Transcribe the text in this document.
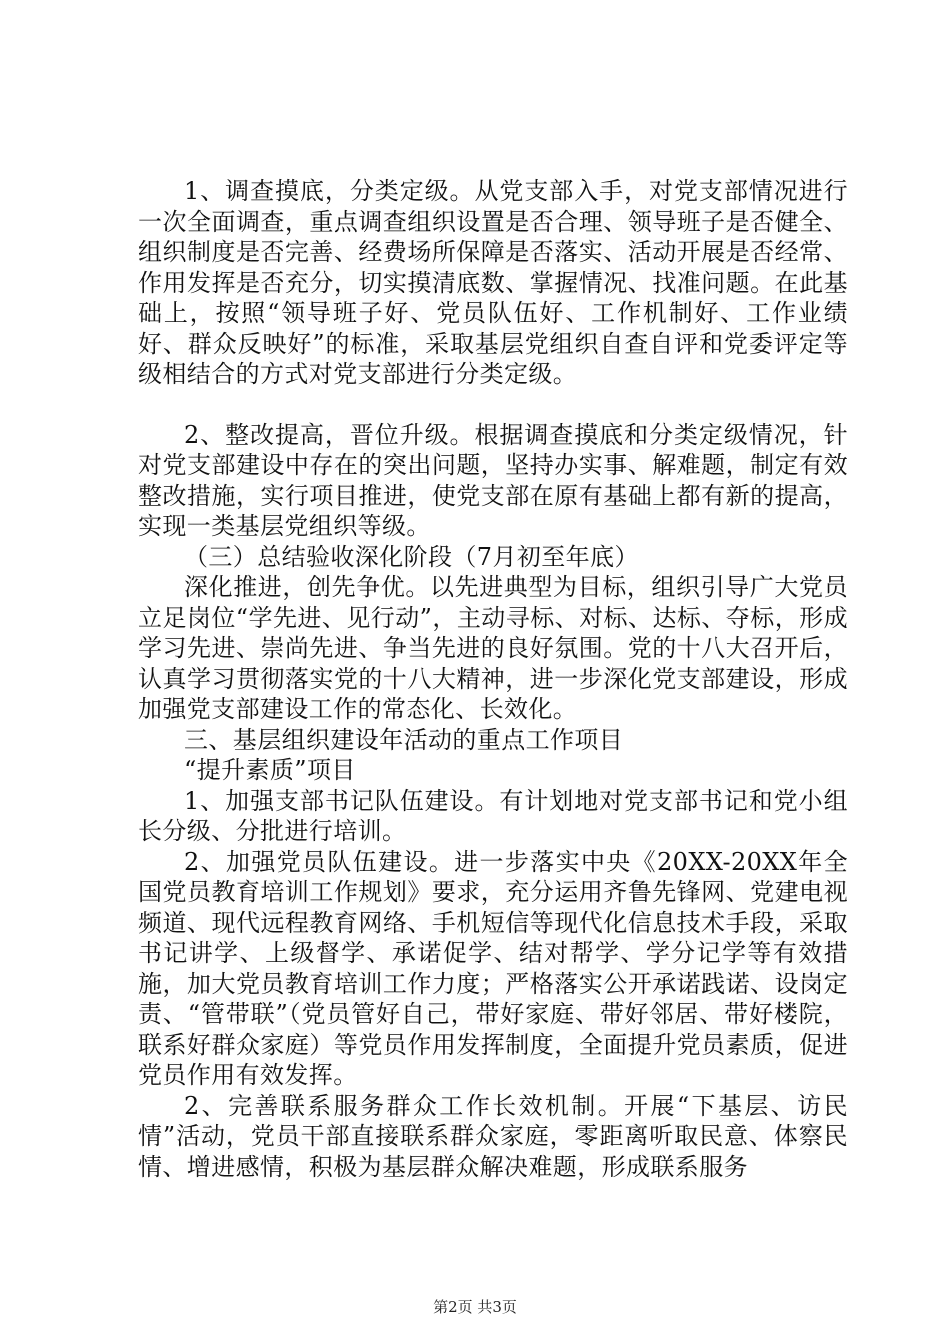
1、调查摸底，分类定级。从党支部入手，对党支部情况进行一次全面调查，重点调查组织设置是否合理、领导班子是否健全、组织制度是否完善、经费场所保障是否落实、活动开展是否经常、作用发挥是否充分，切实摸清底数、掌握情况、找准问题。在此基础上，按照“领导班子好、党员队伍好、工作机制好、工作业绩好、群众反映好”的标准，采取基层党组织自查自评和党委评定等级相结合的方式对党支部进行分类定级。

2、整改提高，晋位升级。根据调查摸底和分类定级情况，针对党支部建设中存在的突出问题，坚持办实事、解难题，制定有效整改措施，实行项目推进，使党支部在原有基础上都有新的提高，实现一类基层党组织等级。

（三）总结验收深化阶段（7月初至年底）

深化推进，创先争优。以先进典型为目标，组织引导广大党员立足岗位“学先进、见行动”，主动寻标、对标、达标、夺标，形成学习先进、崇尚先进、争当先进的良好氛围。党的十八大召开后，认真学习贯彻落实党的十八大精神，进一步深化党支部建设，形成加强党支部建设工作的常态化、长效化。

三、基层组织建设年活动的重点工作项目

“提升素质”项目

1、加强支部书记队伍建设。有计划地对党支部书记和党小组长分级、分批进行培训。

2、加强党员队伍建设。进一步落实中央《20XX-20XX年全国党员教育培训工作规划》要求，充分运用齐鲁先锋网、党建电视频道、现代远程教育网络、手机短信等现代化信息技术手段，采取书记讲学、上级督学、承诺促学、结对帮学、学分记学等有效措施，加大党员教育培训工作力度；严格落实公开承诺践诺、设岗定责、“管带联”（党员管好自己，带好家庭、带好邻居、带好楼院，联系好群众家庭）等党员作用发挥制度，全面提升党员素质，促进党员作用有效发挥。

2、完善联系服务群众工作长效机制。开展“下基层、访民情”活动，党员干部直接联系群众家庭，零距离听取民意、体察民情、增进感情，积极为基层群众解决难题，形成联系服务

第2页 共3页
